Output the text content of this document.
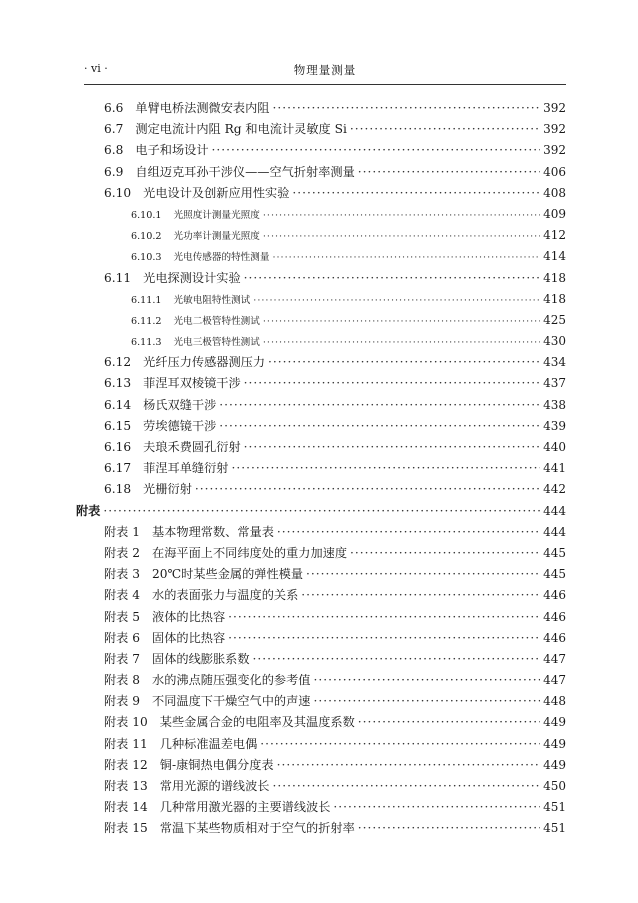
· vi ·	物理量测量
6.6 单臂电桥法测微安表内阻 ·····	392
6.7 测定电流计内阻 Rg 和电流计灵敏度 Si ·····	392
6.8 电子和场设计 ·····	392
6.9 自组迈克耳孙干涉仪——空气折射率测量 ·····	406
6.10 光电设计及创新应用性实验 ·····	408
6.10.1 光照度计测量光照度 ·····	409
6.10.2 光功率计测量光照度 ·····	412
6.10.3 光电传感器的特性测量 ·····	414
6.11 光电探测设计实验 ·····	418
6.11.1 光敏电阻特性测试 ·····	418
6.11.2 光电二极管特性测试 ·····	425
6.11.3 光电三极管特性测试 ·····	430
6.12 光纤压力传感器测压力 ·····	434
6.13 菲涅耳双棱镜干涉 ·····	437
6.14 杨氏双缝干涉 ·····	438
6.15 劳埃德镜干涉 ·····	439
6.16 夫琅禾费圆孔衍射 ·····	440
6.17 菲涅耳单缝衍射 ·····	441
6.18 光栅衍射 ·····	442
附表 ·····	444
附表 1 基本物理常数、常量表 ·····	444
附表 2 在海平面上不同纬度处的重力加速度 ·····	445
附表 3 20℃时某些金属的弹性模量 ·····	445
附表 4 水的表面张力与温度的关系 ·····	446
附表 5 液体的比热容 ·····	446
附表 6 固体的比热容 ·····	446
附表 7 固体的线膨胀系数 ·····	447
附表 8 水的沸点随压强变化的参考值 ·····	447
附表 9 不同温度下干燥空气中的声速 ·····	448
附表 10 某些金属合金的电阻率及其温度系数 ·····	449
附表 11 几种标准温差电偶 ·····	449
附表 12 铜-康铜热电偶分度表 ·····	449
附表 13 常用光源的谱线波长 ·····	450
附表 14 几种常用激光器的主要谱线波长 ·····	451
附表 15 常温下某些物质相对于空气的折射率 ·····	451
